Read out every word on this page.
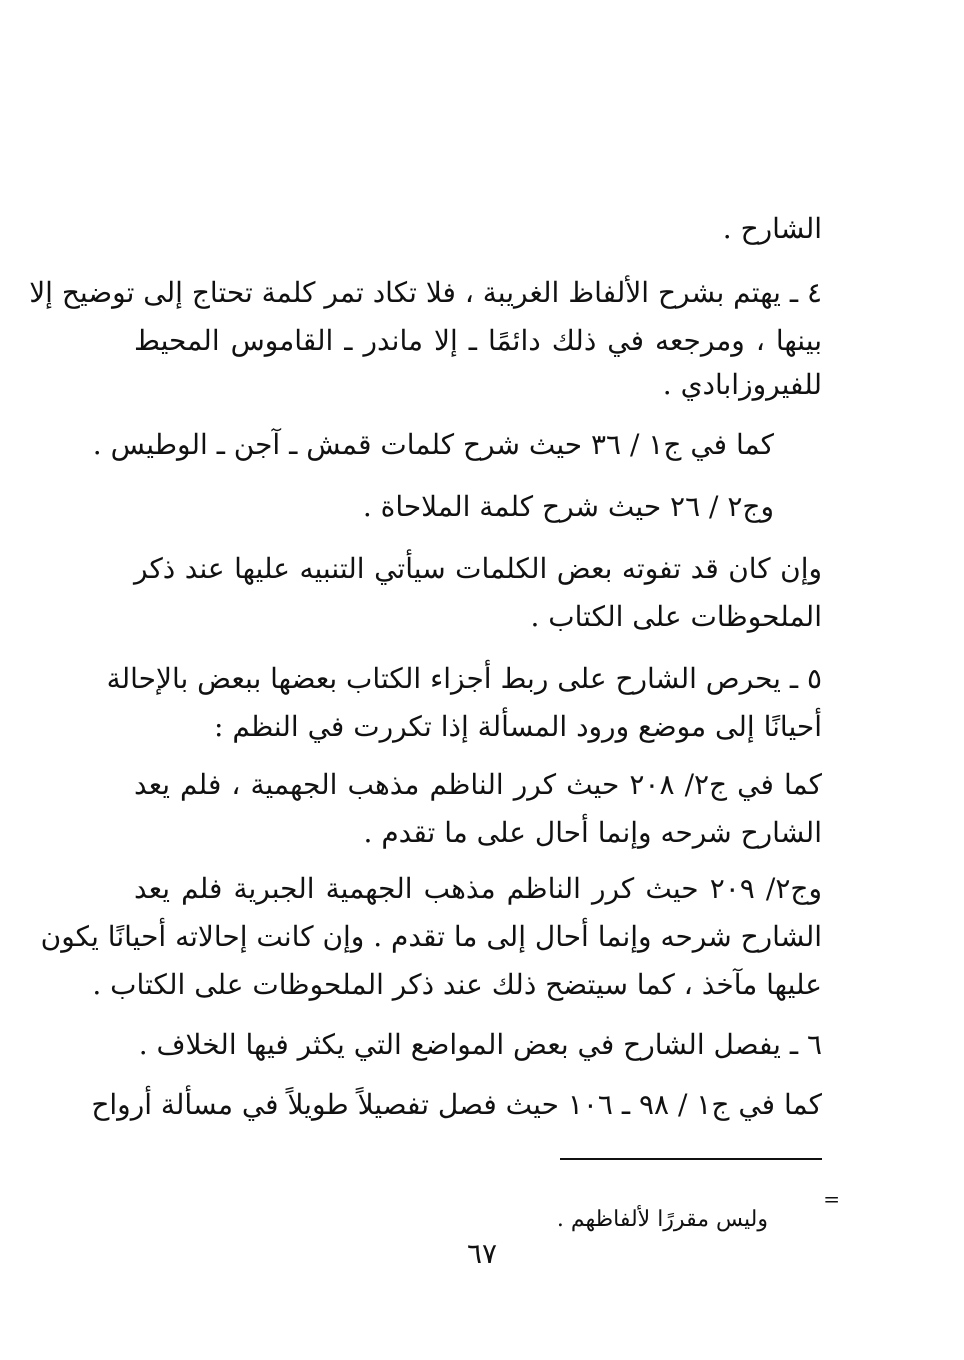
الشارح .

٤ ـ يهتم بشرح الألفاظ الغريبة ، فلا تكاد تمر كلمة تحتاج إلى توضيح إلا

بينها ، ومرجعه في ذلك دائمًا ـ إلا ماندر ـ القاموس المحيط

للفيروزابادي .

كما في ج١ / ٣٦ حيث شرح كلمات قمش ـ آجن ـ الوطيس .

وج٢ / ٢٦ حيث شرح كلمة الملاحاة .

وإن كان قد تفوته بعض الكلمات سيأتي التنبيه عليها عند ذكر

الملحوظات على الكتاب .

٥ ـ يحرص الشارح على ربط أجزاء الكتاب بعضها ببعض بالإحالة

أحيانًا إلى موضع ورود المسألة إذا تكررت في النظم :

كما في ج٢/ ٢٠٨ حيث كرر الناظم مذهب الجهمية ، فلم يعد

الشارح شرحه وإنما أحال على ما تقدم .

وج٢/ ٢٠٩ حيث كرر الناظم مذهب الجهمية الجبرية فلم يعد

الشارح شرحه وإنما أحال إلى ما تقدم . وإن كانت إحالاته أحيانًا يكون

عليها مآخذ ، كما سيتضح ذلك عند ذكر الملحوظات على الكتاب .

٦ ـ يفصل الشارح في بعض المواضع التي يكثر فيها الخلاف .

كما في ج١ / ٩٨ ـ ١٠٦ حيث فصل تفصيلاً طويلاً في مسألة أرواح

=

وليس مقررًا لألفاظهم .

٦٧
